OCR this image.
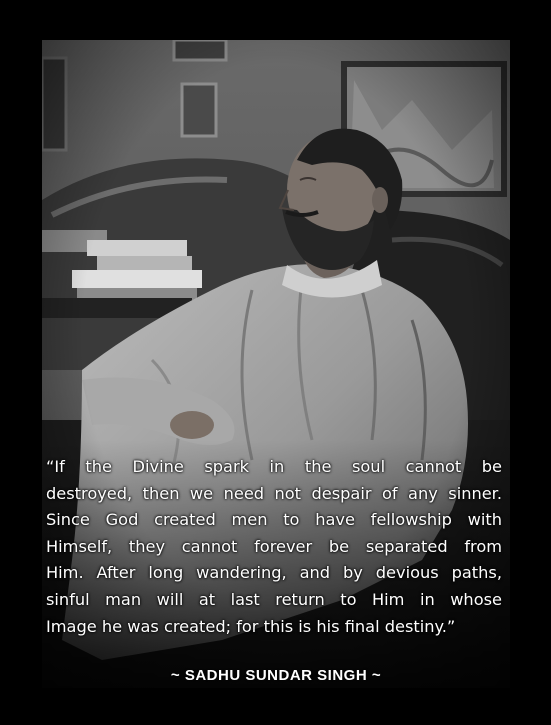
“If the Divine spark in the soul cannot be
destroyed, then we need not despair of any sinner.
Since God created men to have fellowship with
Himself, they cannot forever be separated from
Him. After long wandering, and by devious paths,
sinful man will at last return to Him in whose
Image he was created; for this is his final destiny.”
~ SADHU SUNDAR SINGH ~
